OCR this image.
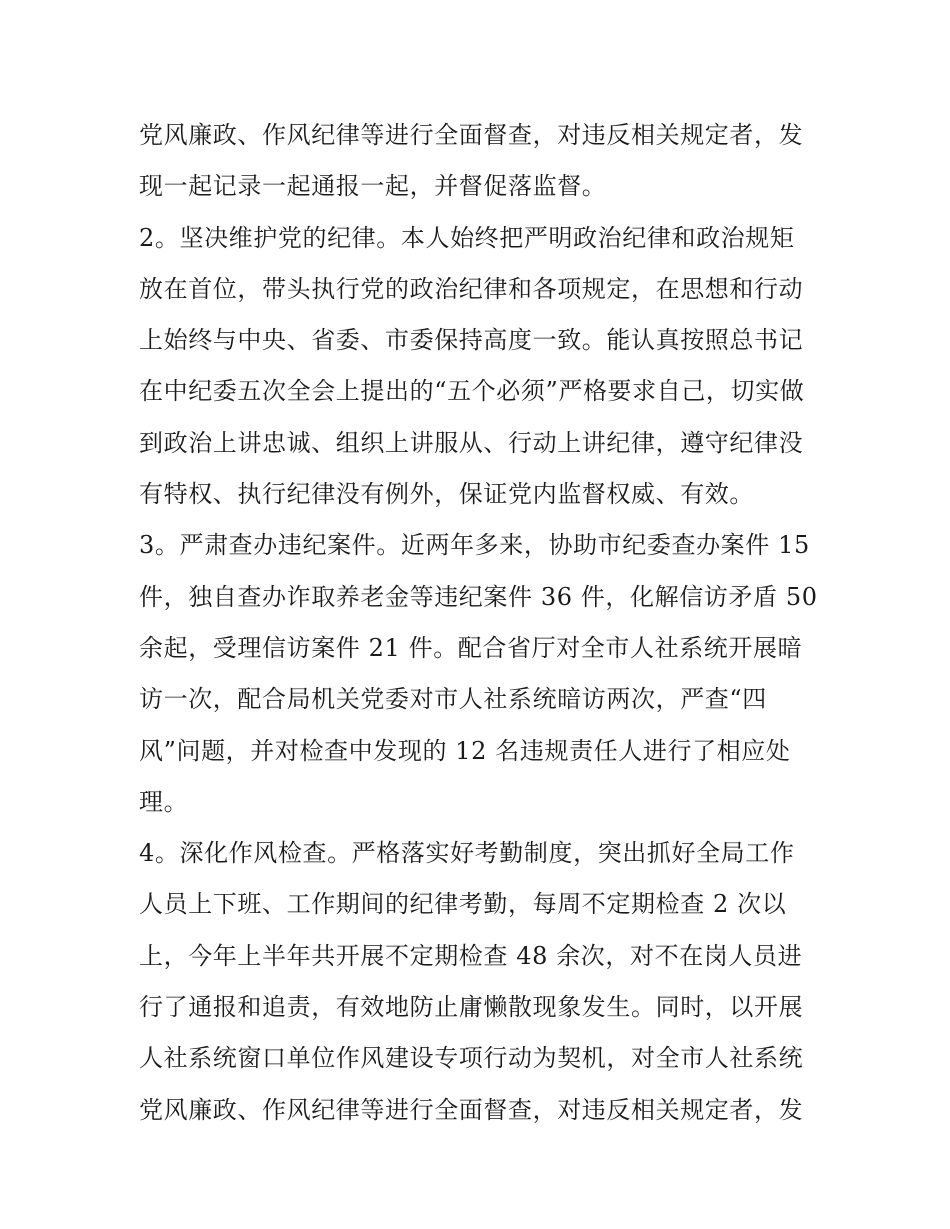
党风廉政、作风纪律等进行全面督查，对违反相关规定者，发
现一起记录一起通报一起，并督促落监督。
2。坚决维护党的纪律。本人始终把严明政治纪律和政治规矩
放在首位，带头执行党的政治纪律和各项规定，在思想和行动
上始终与中央、省委、市委保持高度一致。能认真按照总书记
在中纪委五次全会上提出的“五个必须”严格要求自己，切实做
到政治上讲忠诚、组织上讲服从、行动上讲纪律，遵守纪律没
有特权、执行纪律没有例外，保证党内监督权威、有效。
3。严肃查办违纪案件。近两年多来，协助市纪委查办案件 15
件，独自查办诈取养老金等违纪案件 36 件，化解信访矛盾 50
余起，受理信访案件 21 件。配合省厅对全市人社系统开展暗
访一次，配合局机关党委对市人社系统暗访两次，严查“四
风”问题，并对检查中发现的 12 名违规责任人进行了相应处
理。
4。深化作风检查。严格落实好考勤制度，突出抓好全局工作
人员上下班、工作期间的纪律考勤，每周不定期检查 2 次以
上，今年上半年共开展不定期检查 48 余次，对不在岗人员进
行了通报和追责，有效地防止庸懒散现象发生。同时，以开展
人社系统窗口单位作风建设专项行动为契机，对全市人社系统
党风廉政、作风纪律等进行全面督查，对违反相关规定者，发
